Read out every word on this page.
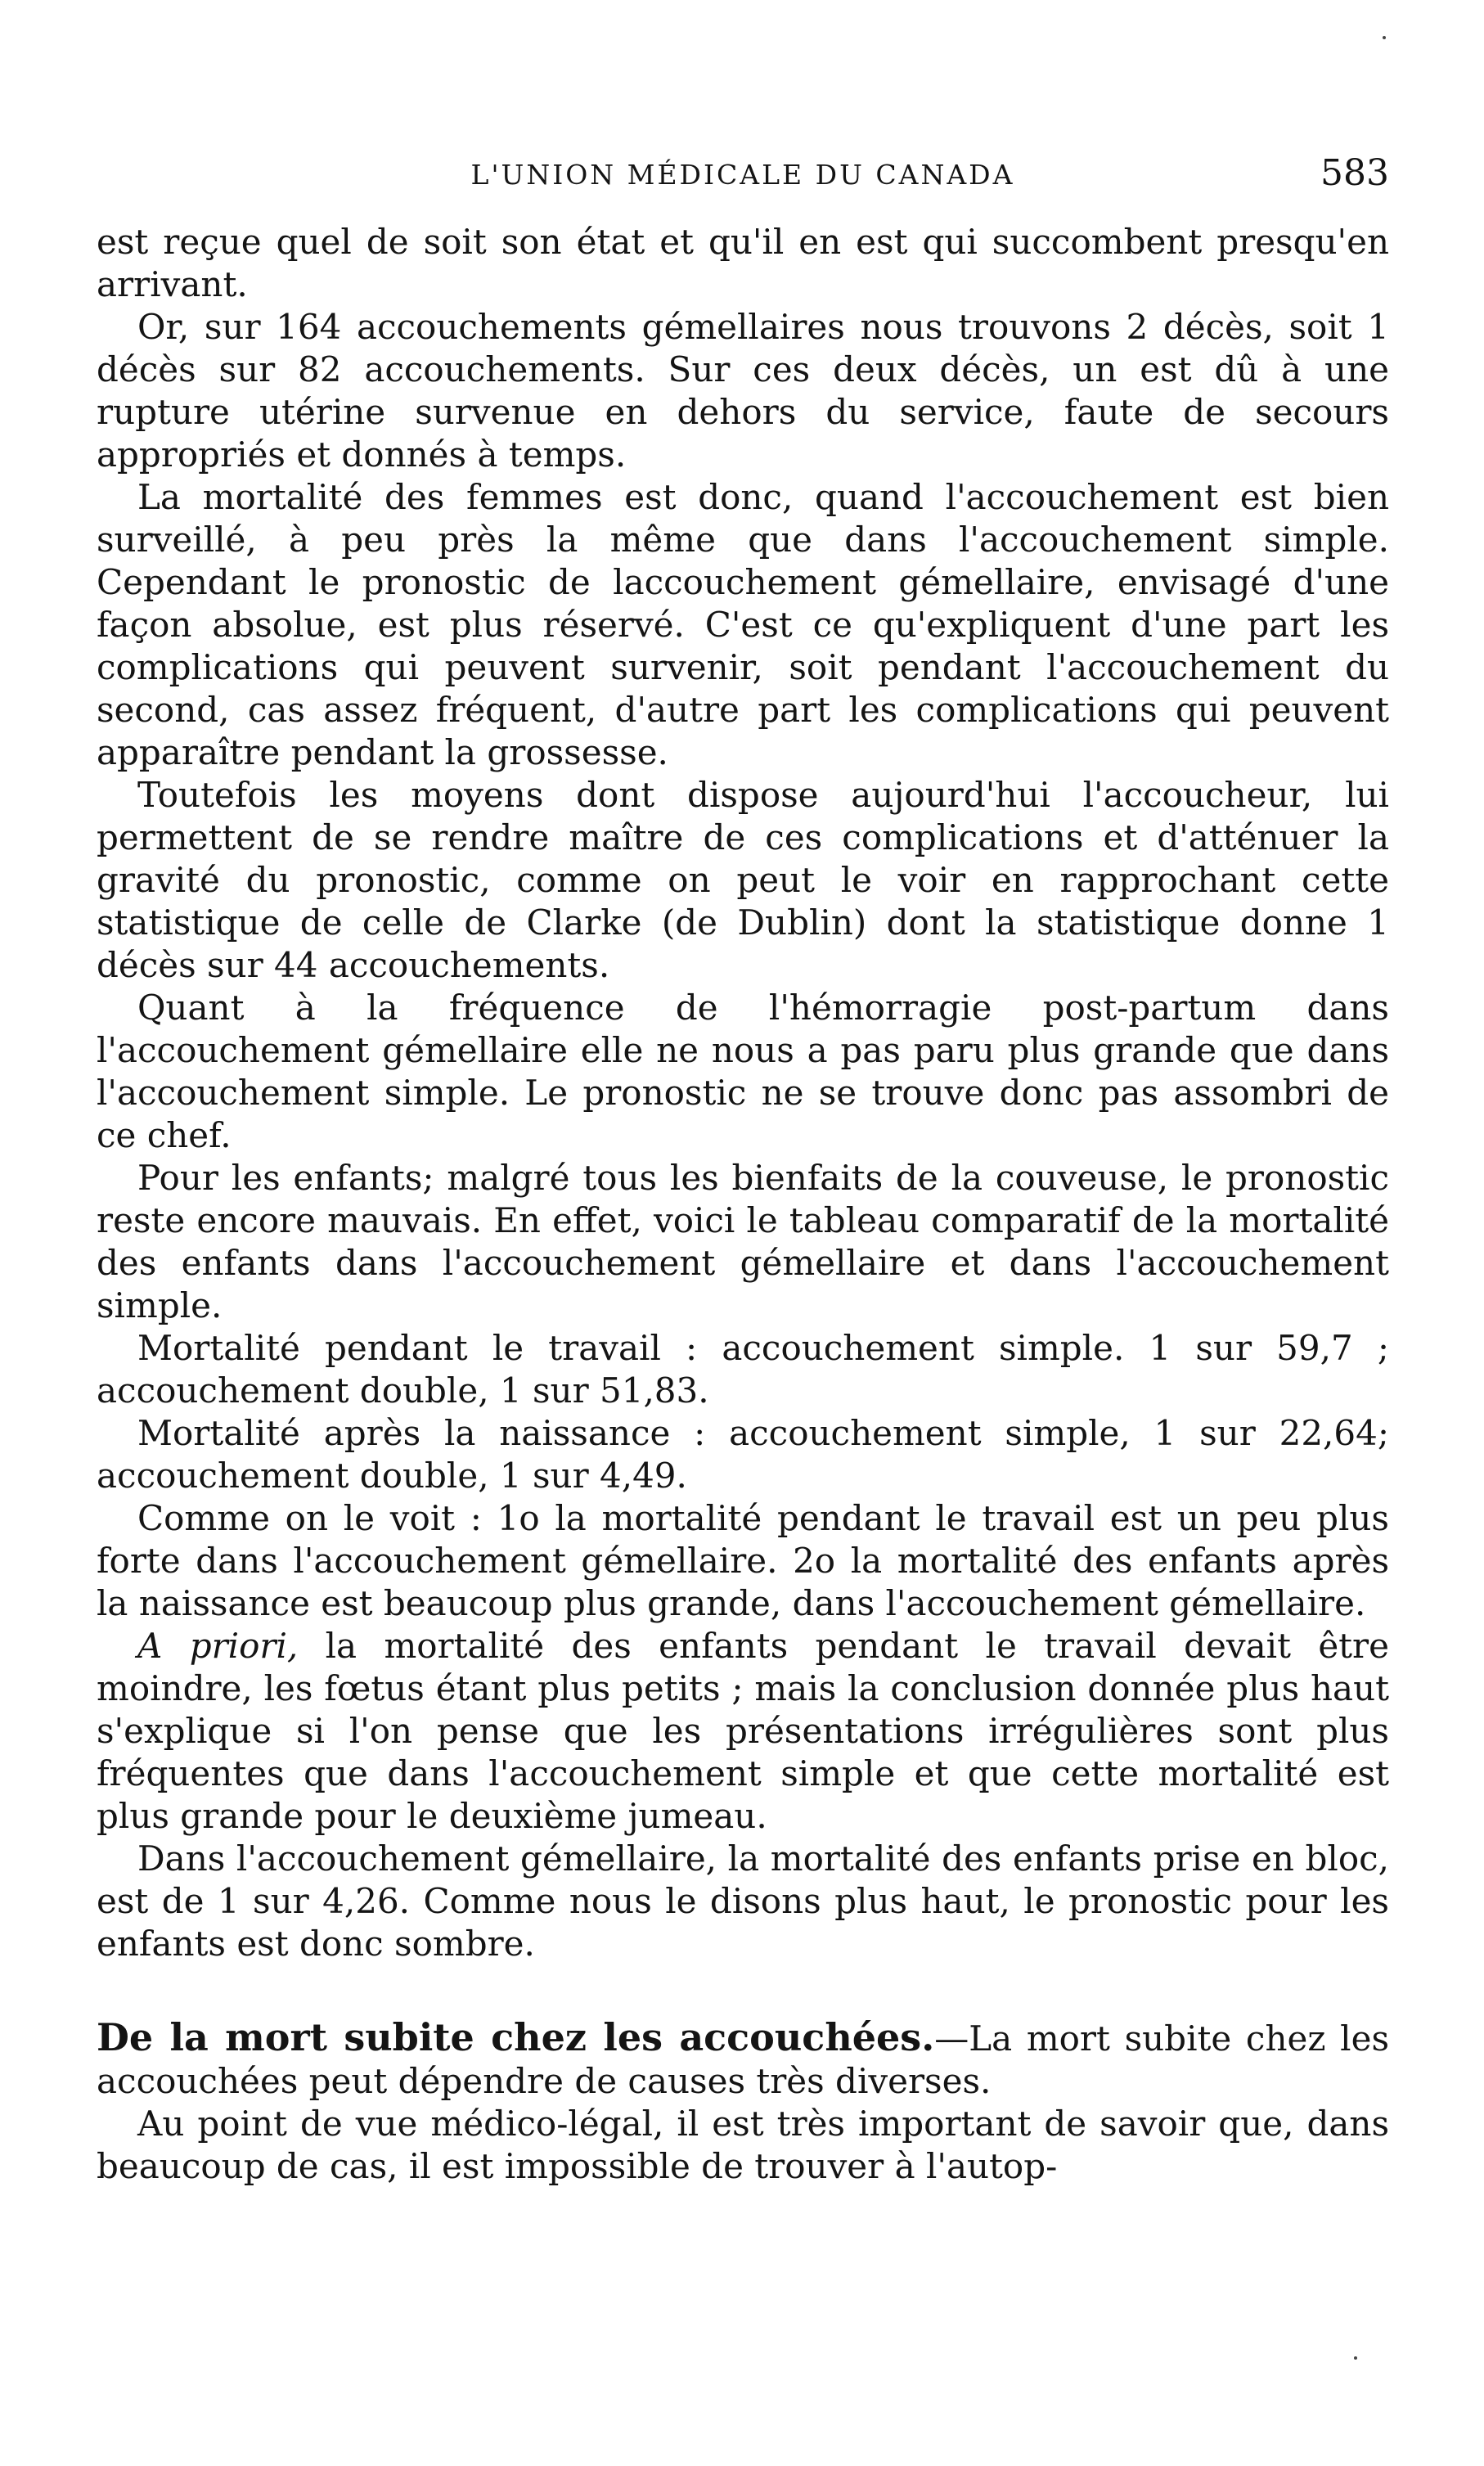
L'UNION MÉDICALE DU CANADA	583

est reçue quel de soit son état et qu'il en est qui succombent presqu'en arrivant.

Or, sur 164 accouchements gémellaires nous trouvons 2 décès, soit 1 décès sur 82 accouchements. Sur ces deux décès, un est dû à une rupture utérine survenue en dehors du service, faute de secours appropriés et donnés à temps.

La mortalité des femmes est donc, quand l'accouchement est bien surveillé, à peu près la même que dans l'accouchement simple. Cependant le pronostic de laccouchement gémellaire, envisagé d'une façon absolue, est plus réservé. C'est ce qu'expliquent d'une part les complications qui peuvent survenir, soit pendant l'accouchement du second, cas assez fréquent, d'autre part les complications qui peuvent apparaître pendant la grossesse.

Toutefois les moyens dont dispose aujourd'hui l'accoucheur, lui permettent de se rendre maître de ces complications et d'atténuer la gravité du pronostic, comme on peut le voir en rapprochant cette statistique de celle de Clarke (de Dublin) dont la statistique donne 1 décès sur 44 accouchements.

Quant à la fréquence de l'hémorragie post-partum dans l'accouchement gémellaire elle ne nous a pas paru plus grande que dans l'accouchement simple. Le pronostic ne se trouve donc pas assombri de ce chef.

Pour les enfants; malgré tous les bienfaits de la couveuse, le pronostic reste encore mauvais. En effet, voici le tableau comparatif de la mortalité des enfants dans l'accouchement gémellaire et dans l'accouchement simple.

Mortalité pendant le travail : accouchement simple. 1 sur 59,7 ; accouchement double, 1 sur 51,83.

Mortalité après la naissance : accouchement simple, 1 sur 22,64; accouchement double, 1 sur 4,49.

Comme on le voit : 1o la mortalité pendant le travail est un peu plus forte dans l'accouchement gémellaire. 2o la mortalité des enfants après la naissance est beaucoup plus grande, dans l'accouchement gémellaire.

A priori, la mortalité des enfants pendant le travail devait être moindre, les fœtus étant plus petits ; mais la conclusion donnée plus haut s'explique si l'on pense que les présentations irrégulières sont plus fréquentes que dans l'accouchement simple et que cette mortalité est plus grande pour le deuxième jumeau.

Dans l'accouchement gémellaire, la mortalité des enfants prise en bloc, est de 1 sur 4,26. Comme nous le disons plus haut, le pronostic pour les enfants est donc sombre.

De la mort subite chez les accouchées.—La mort subite chez les accouchées peut dépendre de causes très diverses.

Au point de vue médico-légal, il est très important de savoir que, dans beaucoup de cas, il est impossible de trouver à l'autop-
